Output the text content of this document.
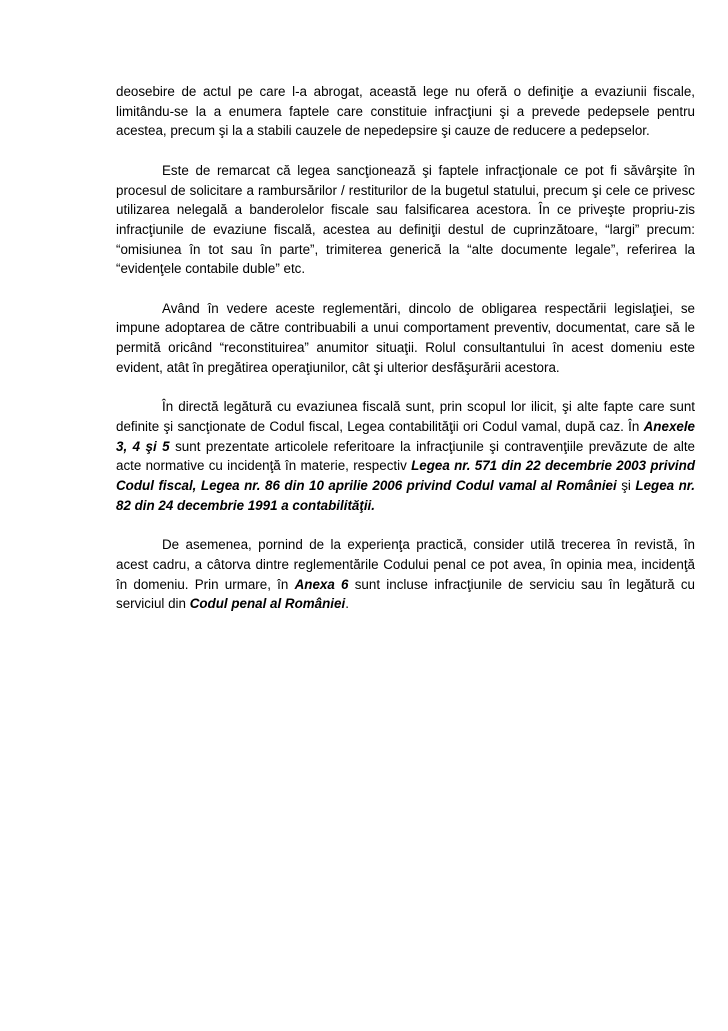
deosebire de actul pe care l-a abrogat, această lege nu oferă o definiţie a evaziunii fiscale, limitându-se la a enumera faptele care constituie infracţiuni şi a prevede pedepsele pentru acestea, precum şi la a stabili cauzele de nepedepsire şi cauze de reducere a pedepselor.

Este de remarcat că legea sancţionează şi faptele infracţionale ce pot fi săvârşite în procesul de solicitare a rambursărilor / restiturilor de la bugetul statului, precum şi cele ce privesc utilizarea nelegală a banderolelor fiscale sau falsificarea acestora. În ce priveşte propriu-zis infracţiunile de evaziune fiscală, acestea au definiţii destul de cuprinzătoare, “largi” precum: “omisiunea în tot sau în parte”, trimiterea generică la “alte documente legale”, referirea la “evidenţele contabile duble” etc.

Având în vedere aceste reglementări, dincolo de obligarea respectării legislaţiei, se impune adoptarea de către contribuabili a unui comportament preventiv, documentat, care să le permită oricând “reconstituirea” anumitor situaţii. Rolul consultantului în acest domeniu este evident, atât în pregătirea operaţiunilor, cât şi ulterior desfăşurării acestora.

În directă legătură cu evaziunea fiscală sunt, prin scopul lor ilicit, şi alte fapte care sunt definite şi sancţionate de Codul fiscal, Legea contabilităţii ori Codul vamal, după caz. În Anexele 3, 4 şi 5 sunt prezentate articolele referitoare la infracţiunile şi contravenţiile prevăzute de alte acte normative cu incidenţă în materie, respectiv Legea nr. 571 din 22 decembrie 2003 privind Codul fiscal, Legea nr. 86 din 10 aprilie 2006 privind Codul vamal al României şi Legea nr. 82 din 24 decembrie 1991 a contabilităţii.

De asemenea, pornind de la experienţa practică, consider utilă trecerea în revistă, în acest cadru, a câtorva dintre reglementările Codului penal ce pot avea, în opinia mea, incidenţă în domeniu. Prin urmare, în Anexa 6 sunt incluse infracţiunile de serviciu sau în legătură cu serviciul din Codul penal al României.
